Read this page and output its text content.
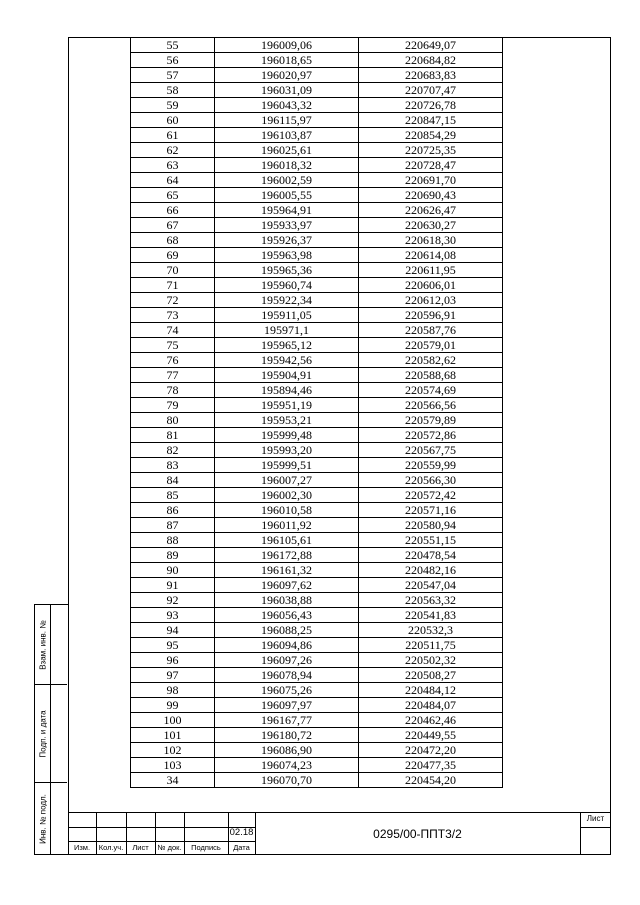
Взам. инв. №
Подп. и дата
Инв. № подл.
55	196009,06	220649,07
56	196018,65	220684,82
57	196020,97	220683,83
58	196031,09	220707,47
59	196043,32	220726,78
60	196115,97	220847,15
61	196103,87	220854,29
62	196025,61	220725,35
63	196018,32	220728,47
64	196002,59	220691,70
65	196005,55	220690,43
66	195964,91	220626,47
67	195933,97	220630,27
68	195926,37	220618,30
69	195963,98	220614,08
70	195965,36	220611,95
71	195960,74	220606,01
72	195922,34	220612,03
73	195911,05	220596,91
74	195971,1	220587,76
75	195965,12	220579,01
76	195942,56	220582,62
77	195904,91	220588,68
78	195894,46	220574,69
79	195951,19	220566,56
80	195953,21	220579,89
81	195999,48	220572,86
82	195993,20	220567,75
83	195999,51	220559,99
84	196007,27	220566,30
85	196002,30	220572,42
86	196010,58	220571,16
87	196011,92	220580,94
88	196105,61	220551,15
89	196172,88	220478,54
90	196161,32	220482,16
91	196097,62	220547,04
92	196038,88	220563,32
93	196056,43	220541,83
94	196088,25	220532,3
95	196094,86	220511,75
96	196097,26	220502,32
97	196078,94	220508,27
98	196075,26	220484,12
99	196097,97	220484,07
100	196167,77	220462,46
101	196180,72	220449,55
102	196086,90	220472,20
103	196074,23	220477,35
34	196070,70	220454,20
Изм.	Кол.уч.	Лист	№ док.	Подпись	Дата
02.18	0295/00-ППТ3/2
Лист
